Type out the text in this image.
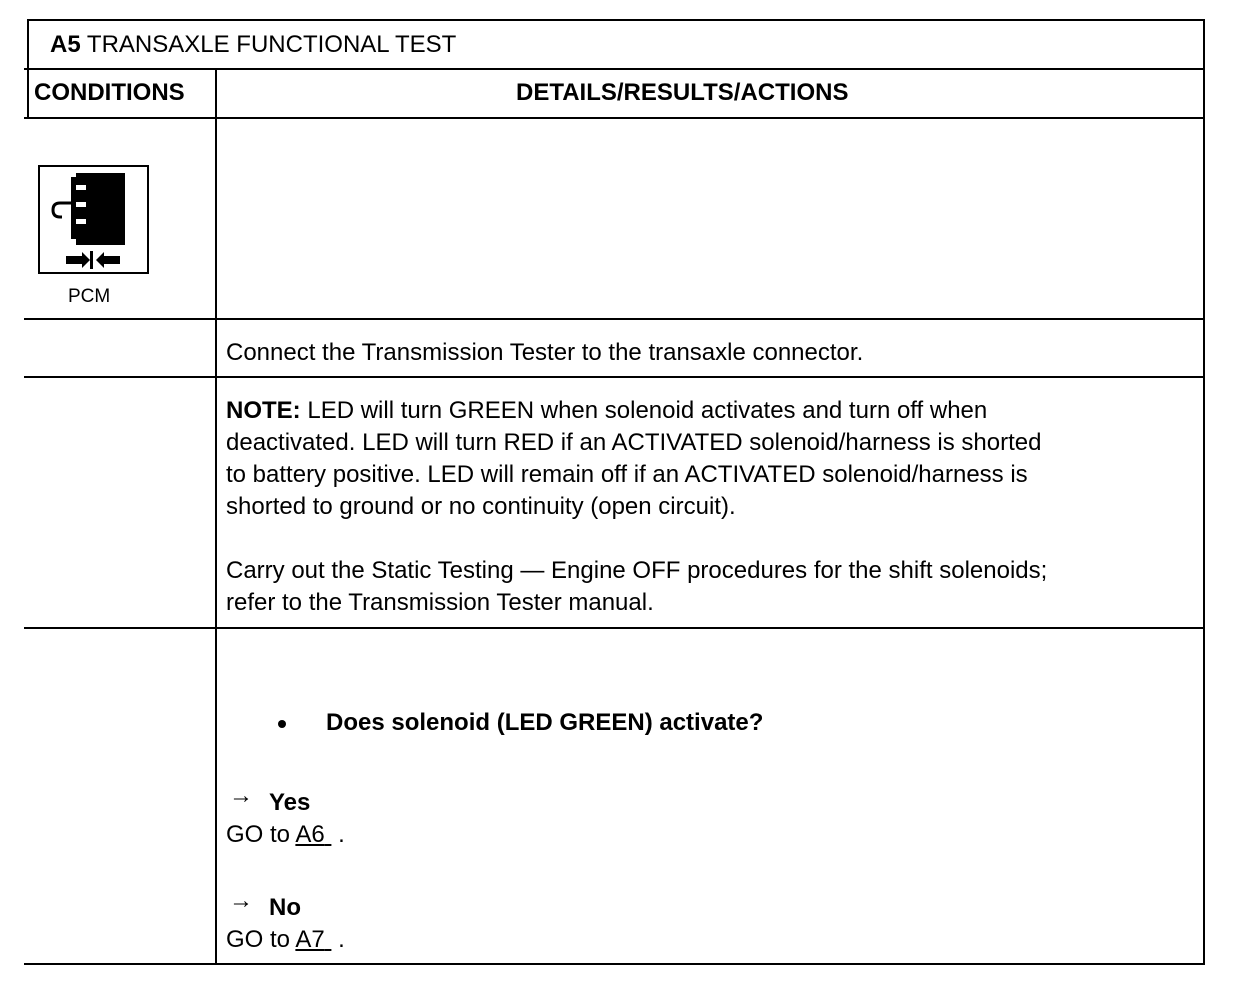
A5 TRANSAXLE FUNCTIONAL TEST
CONDITIONS	DETAILS/RESULTS/ACTIONS
PCM
Connect the Transmission Tester to the transaxle connector.
NOTE: LED will turn GREEN when solenoid activates and turn off when
deactivated. LED will turn RED if an ACTIVATED solenoid/harness is shorted
to battery positive. LED will remain off if an ACTIVATED solenoid/harness is
shorted to ground or no continuity (open circuit).
Carry out the Static Testing — Engine OFF procedures for the shift solenoids;
refer to the Transmission Tester manual.
Does solenoid (LED GREEN) activate?
→ Yes
GO to A6  .
→ No
GO to A7  .
